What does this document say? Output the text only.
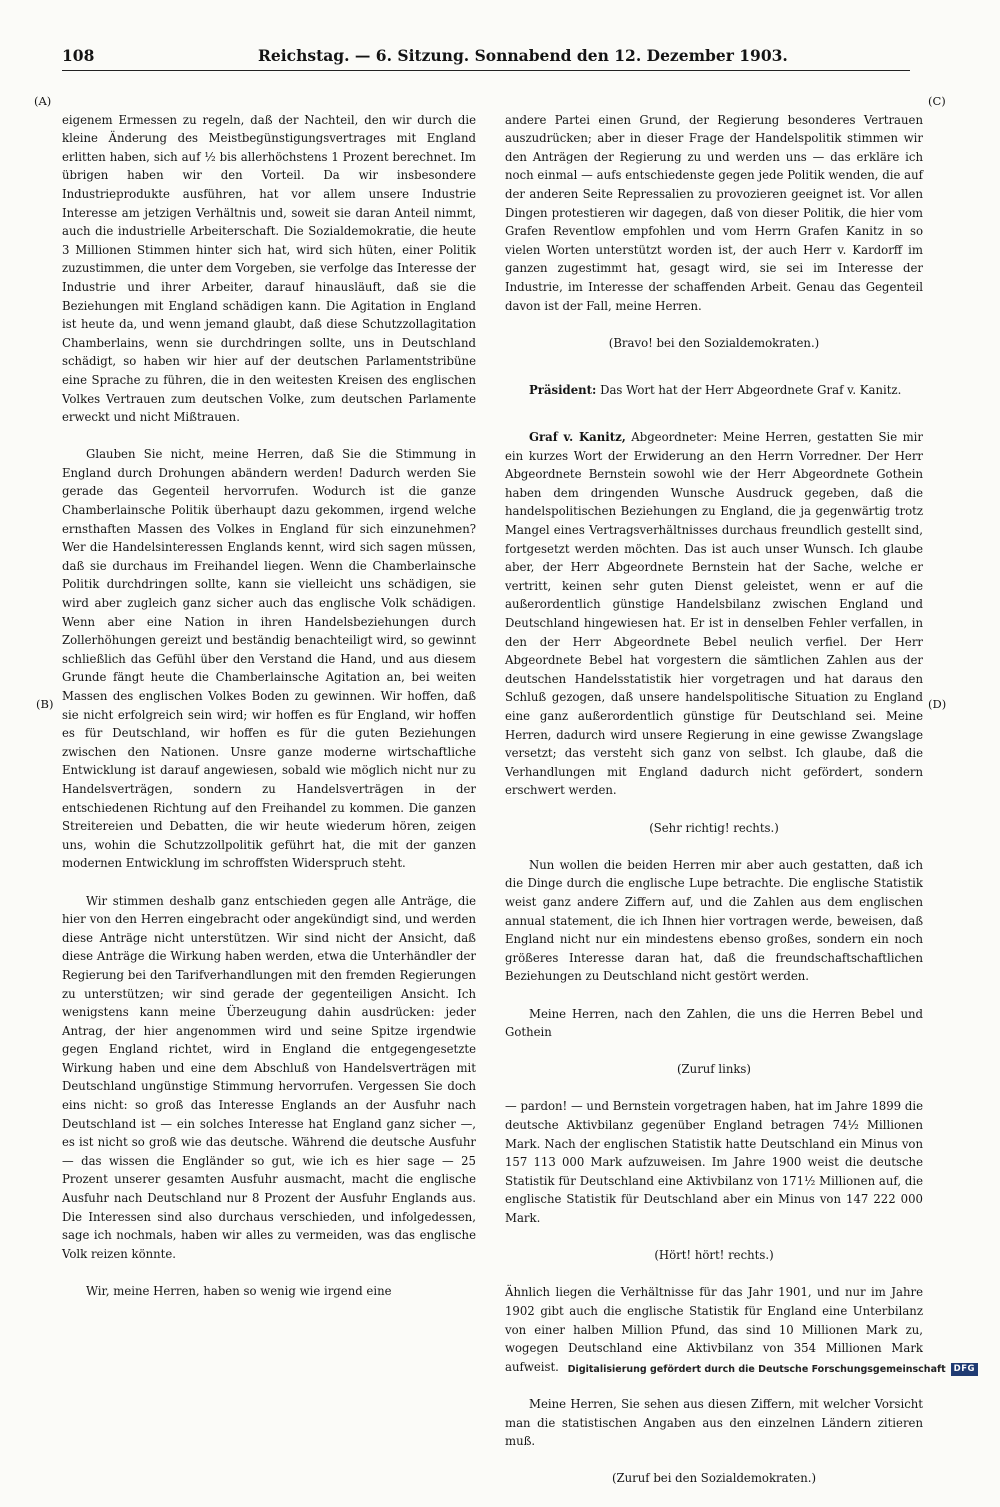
108	Reichstag. — 6. Sitzung. Sonnabend den 12. Dezember 1903.
(A)
(B)
(C)
(D)

eigenem Ermessen zu regeln, daß der Nachteil, den wir durch die kleine Änderung des Meistbegünstigungsvertrages mit England erlitten haben, sich auf ½ bis allerhöchstens 1 Prozent berechnet. Im übrigen haben wir den Vorteil. Da wir insbesondere Industrieprodukte ausführen, hat vor allem unsere Industrie Interesse am jetzigen Verhältnis und, soweit sie daran Anteil nimmt, auch die industrielle Arbeiterschaft. Die Sozialdemokratie, die heute 3 Millionen Stimmen hinter sich hat, wird sich hüten, einer Politik zuzustimmen, die unter dem Vorgeben, sie verfolge das Interesse der Industrie und ihrer Arbeiter, darauf hinausläuft, daß sie die Beziehungen mit England schädigen kann. Die Agitation in England ist heute da, und wenn jemand glaubt, daß diese Schutzzollagitation Chamberlains, wenn sie durchdringen sollte, uns in Deutschland schädigt, so haben wir hier auf der deutschen Parlamentstribüne eine Sprache zu führen, die in den weitesten Kreisen des englischen Volkes Vertrauen zum deutschen Volke, zum deutschen Parlamente erweckt und nicht Mißtrauen.

Glauben Sie nicht, meine Herren, daß Sie die Stimmung in England durch Drohungen abändern werden! Dadurch werden Sie gerade das Gegenteil hervorrufen. Wodurch ist die ganze Chamberlainsche Politik überhaupt dazu gekommen, irgend welche ernsthaften Massen des Volkes in England für sich einzunehmen? Wer die Handelsinteressen Englands kennt, wird sich sagen müssen, daß sie durchaus im Freihandel liegen. Wenn die Chamberlainsche Politik durchdringen sollte, kann sie vielleicht uns schädigen, sie wird aber zugleich ganz sicher auch das englische Volk schädigen. Wenn aber eine Nation in ihren Handelsbeziehungen durch Zollerhöhungen gereizt und beständig benachteiligt wird, so gewinnt schließlich das Gefühl über den Verstand die Hand, und aus diesem Grunde fängt heute die Chamberlainsche Agitation an, bei weiten Massen des englischen Volkes Boden zu gewinnen. Wir hoffen, daß sie nicht erfolgreich sein wird; wir hoffen es für England, wir hoffen es für Deutschland, wir hoffen es für die guten Beziehungen zwischen den Nationen. Unsre ganze moderne wirtschaftliche Entwicklung ist darauf angewiesen, sobald wie möglich nicht nur zu Handelsverträgen, sondern zu Handelsverträgen in der entschiedenen Richtung auf den Freihandel zu kommen. Die ganzen Streitereien und Debatten, die wir heute wiederum hören, zeigen uns, wohin die Schutzzollpolitik geführt hat, die mit der ganzen modernen Entwicklung im schroffsten Widerspruch steht.

Wir stimmen deshalb ganz entschieden gegen alle Anträge, die hier von den Herren eingebracht oder angekündigt sind, und werden diese Anträge nicht unterstützen. Wir sind nicht der Ansicht, daß diese Anträge die Wirkung haben werden, etwa die Unterhändler der Regierung bei den Tarifverhandlungen mit den fremden Regierungen zu unterstützen; wir sind gerade der gegenteiligen Ansicht. Ich wenigstens kann meine Überzeugung dahin ausdrücken: jeder Antrag, der hier angenommen wird und seine Spitze irgendwie gegen England richtet, wird in England die entgegengesetzte Wirkung haben und eine dem Abschluß von Handelsverträgen mit Deutschland ungünstige Stimmung hervorrufen. Vergessen Sie doch eins nicht: so groß das Interesse Englands an der Ausfuhr nach Deutschland ist — ein solches Interesse hat England ganz sicher —, es ist nicht so groß wie das deutsche. Während die deutsche Ausfuhr — das wissen die Engländer so gut, wie ich es hier sage — 25 Prozent unserer gesamten Ausfuhr ausmacht, macht die englische Ausfuhr nach Deutschland nur 8 Prozent der Ausfuhr Englands aus. Die Interessen sind also durchaus verschieden, und infolgedessen, sage ich nochmals, haben wir alles zu vermeiden, was das englische Volk reizen könnte.

Wir, meine Herren, haben so wenig wie irgend eine

andere Partei einen Grund, der Regierung besonderes Vertrauen auszudrücken; aber in dieser Frage der Handelspolitik stimmen wir den Anträgen der Regierung zu und werden uns — das erkläre ich noch einmal — aufs entschiedenste gegen jede Politik wenden, die auf der anderen Seite Repressalien zu provozieren geeignet ist. Vor allen Dingen protestieren wir dagegen, daß von dieser Politik, die hier vom Grafen Reventlow empfohlen und vom Herrn Grafen Kanitz in so vielen Worten unterstützt worden ist, der auch Herr v. Kardorff im ganzen zugestimmt hat, gesagt wird, sie sei im Interesse der Industrie, im Interesse der schaffenden Arbeit. Genau das Gegenteil davon ist der Fall, meine Herren.

(Bravo! bei den Sozialdemokraten.)

Präsident: Das Wort hat der Herr Abgeordnete Graf v. Kanitz.

Graf v. Kanitz, Abgeordneter: Meine Herren, gestatten Sie mir ein kurzes Wort der Erwiderung an den Herrn Vorredner. Der Herr Abgeordnete Bernstein sowohl wie der Herr Abgeordnete Gothein haben dem dringenden Wunsche Ausdruck gegeben, daß die handelspolitischen Beziehungen zu England, die ja gegenwärtig trotz Mangel eines Vertragsverhältnisses durchaus freundlich gestellt sind, fortgesetzt werden möchten. Das ist auch unser Wunsch. Ich glaube aber, der Herr Abgeordnete Bernstein hat der Sache, welche er vertritt, keinen sehr guten Dienst geleistet, wenn er auf die außerordentlich günstige Handelsbilanz zwischen England und Deutschland hingewiesen hat. Er ist in denselben Fehler verfallen, in den der Herr Abgeordnete Bebel neulich verfiel. Der Herr Abgeordnete Bebel hat vorgestern die sämtlichen Zahlen aus der deutschen Handelsstatistik hier vorgetragen und hat daraus den Schluß gezogen, daß unsere handelspolitische Situation zu England eine ganz außerordentlich günstige für Deutschland sei. Meine Herren, dadurch wird unsere Regierung in eine gewisse Zwangslage versetzt; das versteht sich ganz von selbst. Ich glaube, daß die Verhandlungen mit England dadurch nicht gefördert, sondern erschwert werden.

(Sehr richtig! rechts.)

Nun wollen die beiden Herren mir aber auch gestatten, daß ich die Dinge durch die englische Lupe betrachte. Die englische Statistik weist ganz andere Ziffern auf, und die Zahlen aus dem englischen annual statement, die ich Ihnen hier vortragen werde, beweisen, daß England nicht nur ein mindestens ebenso großes, sondern ein noch größeres Interesse daran hat, daß die freundschaftschaftlichen Beziehungen zu Deutschland nicht gestört werden.

Meine Herren, nach den Zahlen, die uns die Herren Bebel und Gothein

(Zuruf links)

— pardon! — und Bernstein vorgetragen haben, hat im Jahre 1899 die deutsche Aktivbilanz gegenüber England betragen 74½ Millionen Mark. Nach der englischen Statistik hatte Deutschland ein Minus von 157 113 000 Mark aufzuweisen. Im Jahre 1900 weist die deutsche Statistik für Deutschland eine Aktivbilanz von 171½ Millionen auf, die englische Statistik für Deutschland aber ein Minus von 147 222 000 Mark.

(Hört! hört! rechts.)

Ähnlich liegen die Verhältnisse für das Jahr 1901, und nur im Jahre 1902 gibt auch die englische Statistik für England eine Unterbilanz von einer halben Million Pfund, das sind 10 Millionen Mark zu, wogegen Deutschland eine Aktivbilanz von 354 Millionen Mark aufweist.

Meine Herren, Sie sehen aus diesen Ziffern, mit welcher Vorsicht man die statistischen Angaben aus den einzelnen Ländern zitieren muß.

(Zuruf bei den Sozialdemokraten.)

Digitalisierung gefördert durch die Deutsche Forschungsgemeinschaft DFG
